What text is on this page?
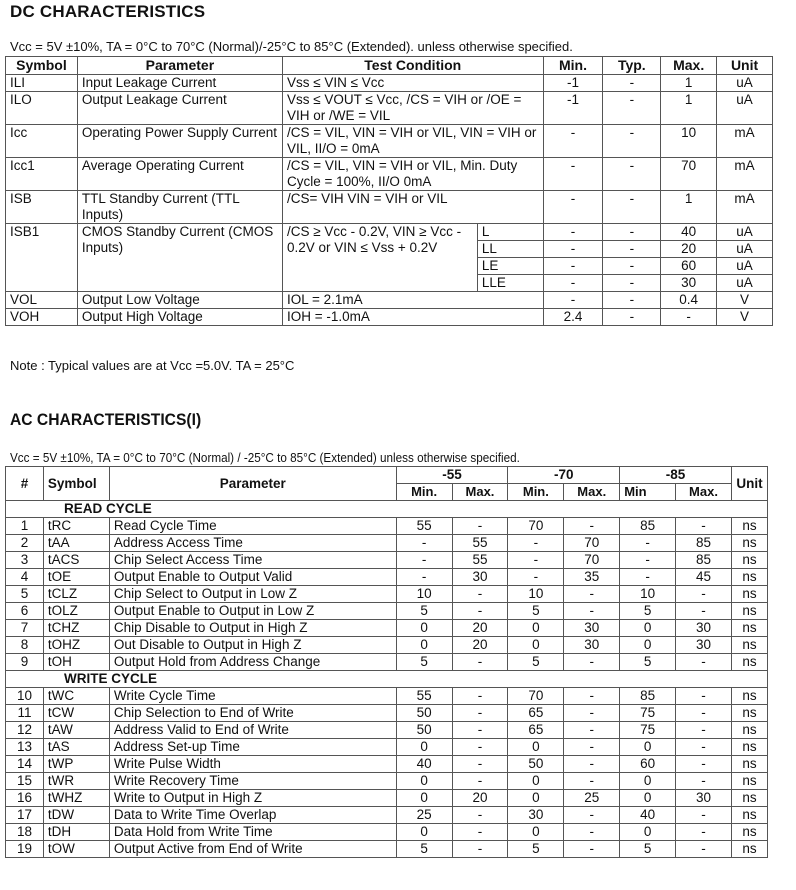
DC CHARACTERISTICS
Vcc = 5V ±10%, TA = 0°C to 70°C (Normal)/-25°C to 85°C (Extended). unless otherwise specified.
Symbol	Parameter	Test Condition		Min.	Typ.	Max.	Unit
ILI	Input Leakage Current	Vss ≤ VIN ≤ Vcc		-1	-	1	uA
ILO	Output Leakage Current	Vss ≤ VOUT ≤ Vcc, /CS = VIH or /OE = VIH or /WE = VIL		-1	-	1	uA
Icc	Operating Power Supply Current	/CS = VIL, VIN = VIH or VIL, VIN = VIH or VIL, II/O = 0mA		-	-	10	mA
Icc1	Average Operating Current	/CS = VIL, VIN = VIH or VIL, Min. Duty Cycle = 100%, II/O 0mA		-	-	70	mA
ISB	TTL Standby Current (TTL Inputs)	/CS= VIH VIN = VIH or VIL		-	-	1	mA
ISB1	CMOS Standby Current (CMOS Inputs)	/CS ≥ Vcc - 0.2V, VIN ≥ Vcc - 0.2V or VIN ≤ Vss + 0.2V	L	-	-	40	uA
			LL	-	-	20	uA
			LE	-	-	60	uA
			LLE	-	-	30	uA
VOL	Output Low Voltage	IOL = 2.1mA		-	-	0.4	V
VOH	Output High Voltage	IOH = -1.0mA		2.4	-	-	V
Note : Typical values are at Vcc =5.0V. TA = 25°C
AC CHARACTERISTICS(I)
Vcc = 5V ±10%, TA = 0°C to 70°C (Normal) / -25°C to 85°C (Extended) unless otherwise specified.
#	Symbol	Parameter	-55		-70		-85		Unit
			Min.	Max.	Min.	Max.	Min	Max.	
READ CYCLE									
1	tRC	Read Cycle Time	55	-	70	-	85	-	ns
2	tAA	Address Access Time	-	55	-	70	-	85	ns
3	tACS	Chip Select Access Time	-	55	-	70	-	85	ns
4	tOE	Output Enable to Output Valid	-	30	-	35	-	45	ns
5	tCLZ	Chip Select to Output in Low Z	10	-	10	-	10	-	ns
6	tOLZ	Output Enable to Output in Low Z	5	-	5	-	5	-	ns
7	tCHZ	Chip Disable to Output in High Z	0	20	0	30	0	30	ns
8	tOHZ	Out Disable to Output in High Z	0	20	0	30	0	30	ns
9	tOH	Output Hold from Address Change	5	-	5	-	5	-	ns
WRITE CYCLE									
10	tWC	Write Cycle Time	55	-	70	-	85	-	ns
11	tCW	Chip Selection to End of Write	50	-	65	-	75	-	ns
12	tAW	Address Valid to End of Write	50	-	65	-	75	-	ns
13	tAS	Address Set-up Time	0	-	0	-	0	-	ns
14	tWP	Write Pulse Width	40	-	50	-	60	-	ns
15	tWR	Write Recovery Time	0	-	0	-	0	-	ns
16	tWHZ	Write to Output in High Z	0	20	0	25	0	30	ns
17	tDW	Data to Write Time Overlap	25	-	30	-	40	-	ns
18	tDH	Data Hold from Write Time	0	-	0	-	0	-	ns
19	tOW	Output Active from End of Write	5	-	5	-	5	-	ns
